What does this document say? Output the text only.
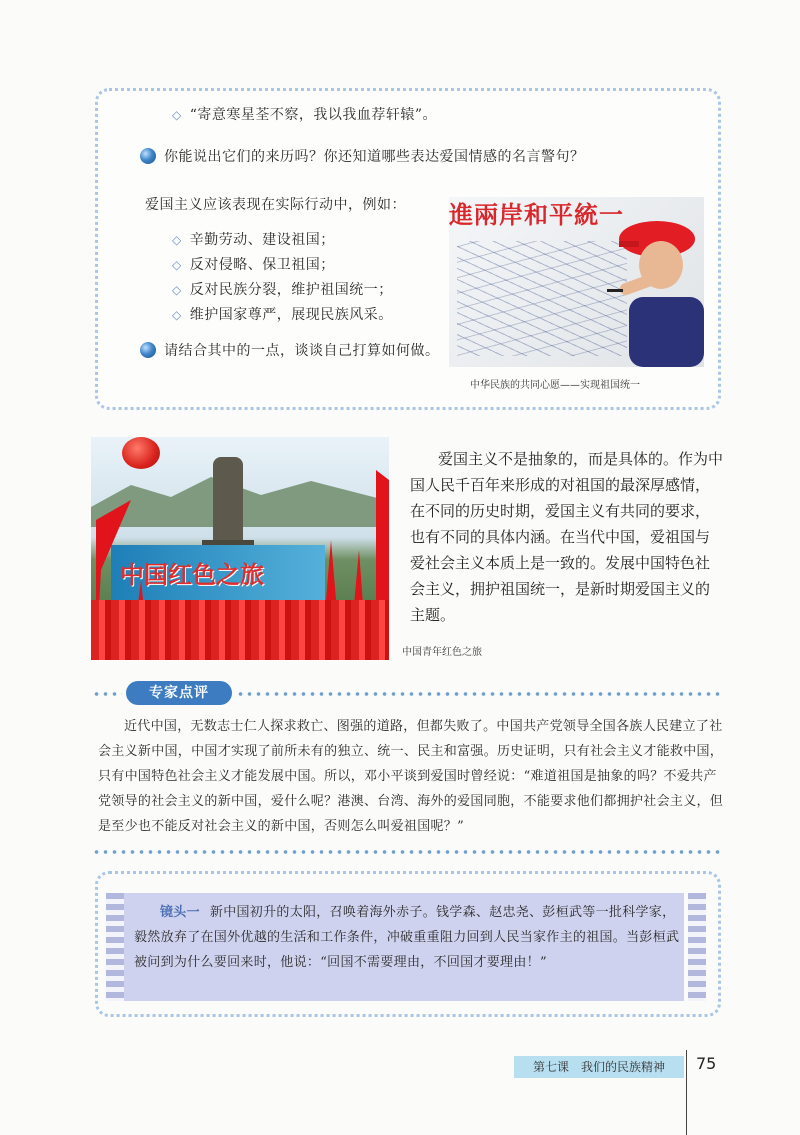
◇ “寄意寒星荃不察，我以我血荐轩辕”。
你能说出它们的来历吗？你还知道哪些表达爱国情感的名言警句？
爱国主义应该表现在实际行动中，例如：
◇ 辛勤劳动、建设祖国；
◇ 反对侵略、保卫祖国；
◇ 反对民族分裂，维护祖国统一；
◇ 维护国家尊严，展现民族风采。
请结合其中的一点，谈谈自己打算如何做。
進兩岸和平統一
中华民族的共同心愿——实现祖国统一
中国红色之旅
中国青年红色之旅

爱国主义不是抽象的，而是具体的。作为中国人民千百年来形成的对祖国的最深厚感情，在不同的历史时期，爱国主义有共同的要求，也有不同的具体内涵。在当代中国，爱祖国与爱社会主义本质上是一致的。发展中国特色社会主义，拥护祖国统一，是新时期爱国主义的主题。

专家点评

近代中国，无数志士仁人探求救亡、图强的道路，但都失败了。中国共产党领导全国各族人民建立了社会主义新中国，中国才实现了前所未有的独立、统一、民主和富强。历史证明，只有社会主义才能救中国，只有中国特色社会主义才能发展中国。所以，邓小平谈到爱国时曾经说：“难道祖国是抽象的吗？不爱共产党领导的社会主义的新中国，爱什么呢？港澳、台湾、海外的爱国同胞，不能要求他们都拥护社会主义，但是至少也不能反对社会主义的新中国，否则怎么叫爱祖国呢？”

镜头一 新中国初升的太阳，召唤着海外赤子。钱学森、赵忠尧、彭桓武等一批科学家，毅然放弃了在国外优越的生活和工作条件，冲破重重阻力回到人民当家作主的祖国。当彭桓武被问到为什么要回来时，他说：“回国不需要理由，不回国才要理由！”
第七课　我们的民族精神	75
